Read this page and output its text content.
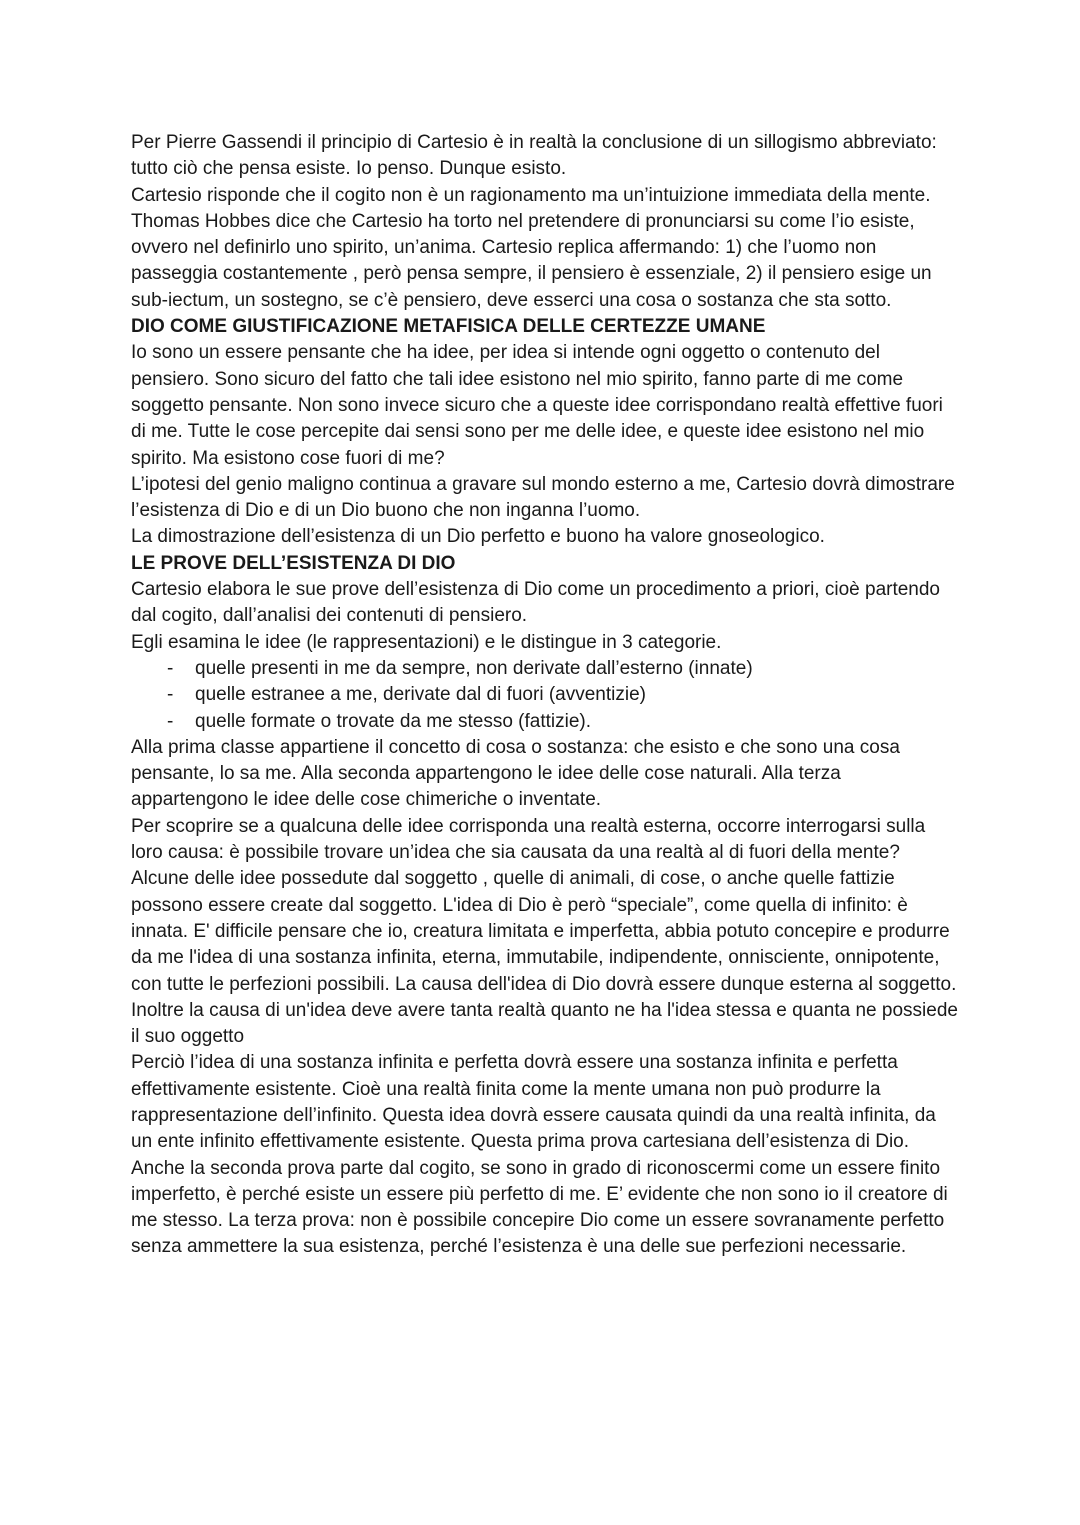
Per Pierre Gassendi il principio di Cartesio è in realtà la conclusione di un sillogismo abbreviato: tutto ciò che pensa esiste. Io penso. Dunque esisto.

Cartesio risponde che il cogito non è un ragionamento ma un’intuizione immediata della mente.

Thomas Hobbes dice che Cartesio ha torto nel pretendere di pronunciarsi su come l’io esiste, ovvero nel definirlo uno spirito, un’anima. Cartesio replica affermando: 1) che l’uomo non passeggia costantemente , però pensa sempre, il pensiero è essenziale, 2) il pensiero esige un sub-iectum, un sostegno, se c’è pensiero, deve esserci una cosa o sostanza che sta sotto.

DIO COME GIUSTIFICAZIONE METAFISICA DELLE CERTEZZE UMANE

Io sono un essere pensante che ha idee, per idea si intende ogni oggetto o contenuto del pensiero. Sono sicuro del fatto che tali idee esistono nel mio spirito, fanno parte di me come soggetto pensante. Non sono invece sicuro che a queste idee corrispondano realtà effettive fuori di me. Tutte le cose percepite dai sensi sono per me delle idee, e queste idee esistono nel mio spirito. Ma esistono cose fuori di me?

L’ipotesi del genio maligno continua a gravare sul mondo esterno a me, Cartesio dovrà dimostrare l’esistenza di Dio e di un Dio buono che non inganna l’uomo.

La dimostrazione dell’esistenza di un Dio perfetto e buono ha valore gnoseologico.

LE PROVE DELL’ESISTENZA DI DIO

Cartesio elabora le sue prove dell’esistenza di Dio come un procedimento a priori, cioè partendo dal cogito, dall’analisi dei contenuti di pensiero.

Egli esamina le idee (le rappresentazioni) e le distingue in 3 categorie.

- quelle presenti in me da sempre, non derivate dall’esterno (innate)
- quelle estranee a me, derivate dal di fuori (avventizie)
- quelle formate o trovate da me stesso (fattizie).

Alla prima classe appartiene il concetto di cosa o sostanza: che esisto e che sono una cosa pensante, lo sa me. Alla seconda appartengono le idee delle cose naturali. Alla terza appartengono le idee delle cose chimeriche o inventate.

Per scoprire se a qualcuna delle idee corrisponda una realtà esterna, occorre interrogarsi sulla loro causa: è possibile trovare un’idea che sia causata da una realtà al di fuori della mente?

Alcune delle idee possedute dal soggetto , quelle di animali, di cose, o anche quelle fattizie possono essere create dal soggetto. L'idea di Dio è però “speciale”, come quella di infinito: è innata. E' difficile pensare che io, creatura limitata e imperfetta, abbia potuto concepire e produrre da me l'idea di una sostanza infinita, eterna, immutabile, indipendente, onnisciente, onnipotente, con tutte le perfezioni possibili. La causa dell'idea di Dio dovrà essere dunque esterna al soggetto. Inoltre la causa di un'idea deve avere tanta realtà quanto ne ha l'idea stessa e quanta ne possiede il suo oggetto

Perciò l’idea di una sostanza infinita e perfetta dovrà essere una sostanza infinita e perfetta effettivamente esistente. Cioè una realtà finita come la mente umana non può produrre la rappresentazione dell’infinito. Questa idea dovrà essere causata quindi da una realtà infinita, da un ente infinito effettivamente esistente. Questa prima prova cartesiana dell’esistenza di Dio. Anche la seconda prova parte dal cogito, se sono in grado di riconoscermi come un essere finito imperfetto, è perché esiste un essere più perfetto di me. E’ evidente che non sono io il creatore di me stesso. La terza prova: non è possibile concepire Dio come un essere sovranamente perfetto senza ammettere la sua esistenza, perché l’esistenza è una delle sue perfezioni necessarie.
